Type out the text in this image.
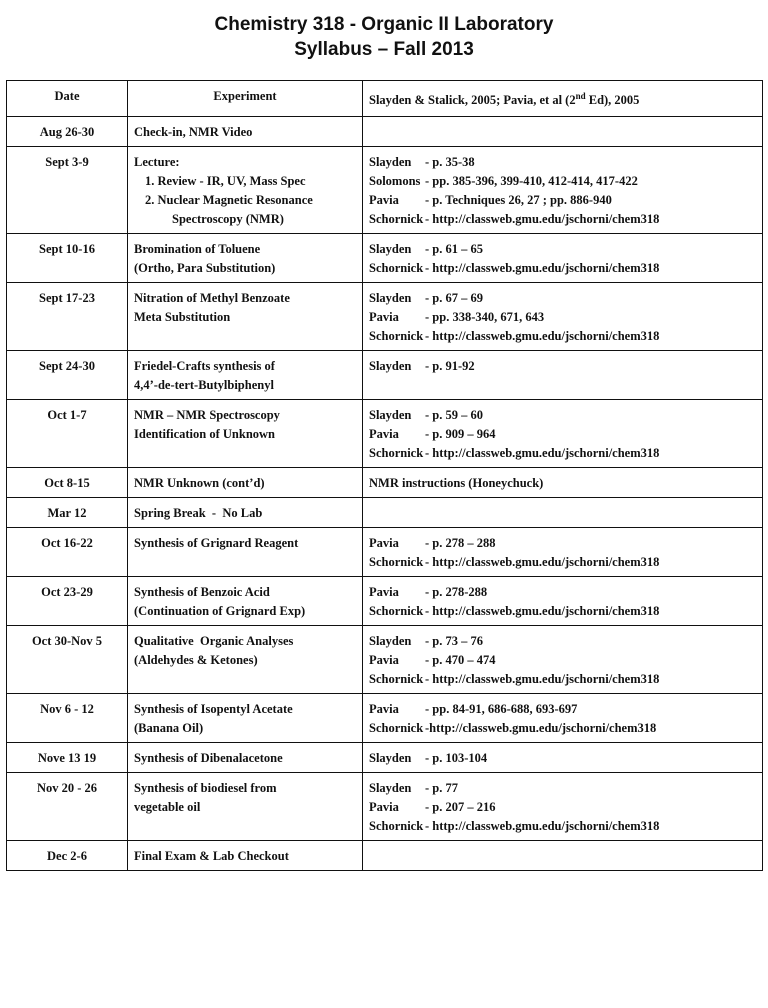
Chemistry 318 - Organic II Laboratory
Syllabus – Fall 2013
Date	Experiment	Slayden & Stalick, 2005; Pavia, et al (2nd Ed), 2005
Aug 26-30	Check-in, NMR Video	

Sept 3-9	Lecture:
1. Review - IR, UV, Mass Spec
2. Nuclear Magnetic Resonance
Spectroscopy (NMR)	Slayden - p. 35-38
Solomons - pp. 385-396, 399-410, 412-414, 417-422
Pavia - p. Techniques 26, 27 ; pp. 886-940
Schornick - http://classweb.gmu.edu/jschorni/chem318

Sept 10-16	Bromination of Toluene
(Ortho, Para Substitution)	Slayden - p. 61 – 65
Schornick - http://classweb.gmu.edu/jschorni/chem318

Sept 17-23	Nitration of Methyl Benzoate
Meta Substitution	Slayden - p. 67 – 69
Pavia - pp. 338-340, 671, 643
Schornick - http://classweb.gmu.edu/jschorni/chem318

Sept 24-30	Friedel-Crafts synthesis of
4,4’-de-tert-Butylbiphenyl	Slayden - p. 91-92

Oct 1-7	NMR – NMR Spectroscopy
Identification of Unknown	Slayden - p. 59 – 60
Pavia - p. 909 – 964
Schornick - http://classweb.gmu.edu/jschorni/chem318

Oct 8-15	NMR Unknown (cont’d)	NMR instructions (Honeychuck)

Mar 12	Spring Break  -  No Lab	

Oct 16-22	Synthesis of Grignard Reagent	Pavia - p. 278 – 288
Schornick - http://classweb.gmu.edu/jschorni/chem318

Oct 23-29	Synthesis of Benzoic Acid
(Continuation of Grignard Exp)	Pavia - p. 278-288
Schornick - http://classweb.gmu.edu/jschorni/chem318

Oct 30-Nov 5	Qualitative  Organic Analyses
(Aldehydes & Ketones)	Slayden - p. 73 – 76
Pavia - p. 470 – 474
Schornick - http://classweb.gmu.edu/jschorni/chem318

Nov 6 - 12	Synthesis of Isopentyl Acetate
(Banana Oil)	Pavia - pp. 84-91, 686-688, 693-697
Schornick -http://classweb.gmu.edu/jschorni/chem318

Nove 13 19	Synthesis of Dibenalacetone	Slayden - p. 103-104

Nov 20 - 26	Synthesis of biodiesel from
vegetable oil	Slayden - p. 77
Pavia - p. 207 – 216
Schornick - http://classweb.gmu.edu/jschorni/chem318

Dec 2-6	Final Exam & Lab Checkout	
